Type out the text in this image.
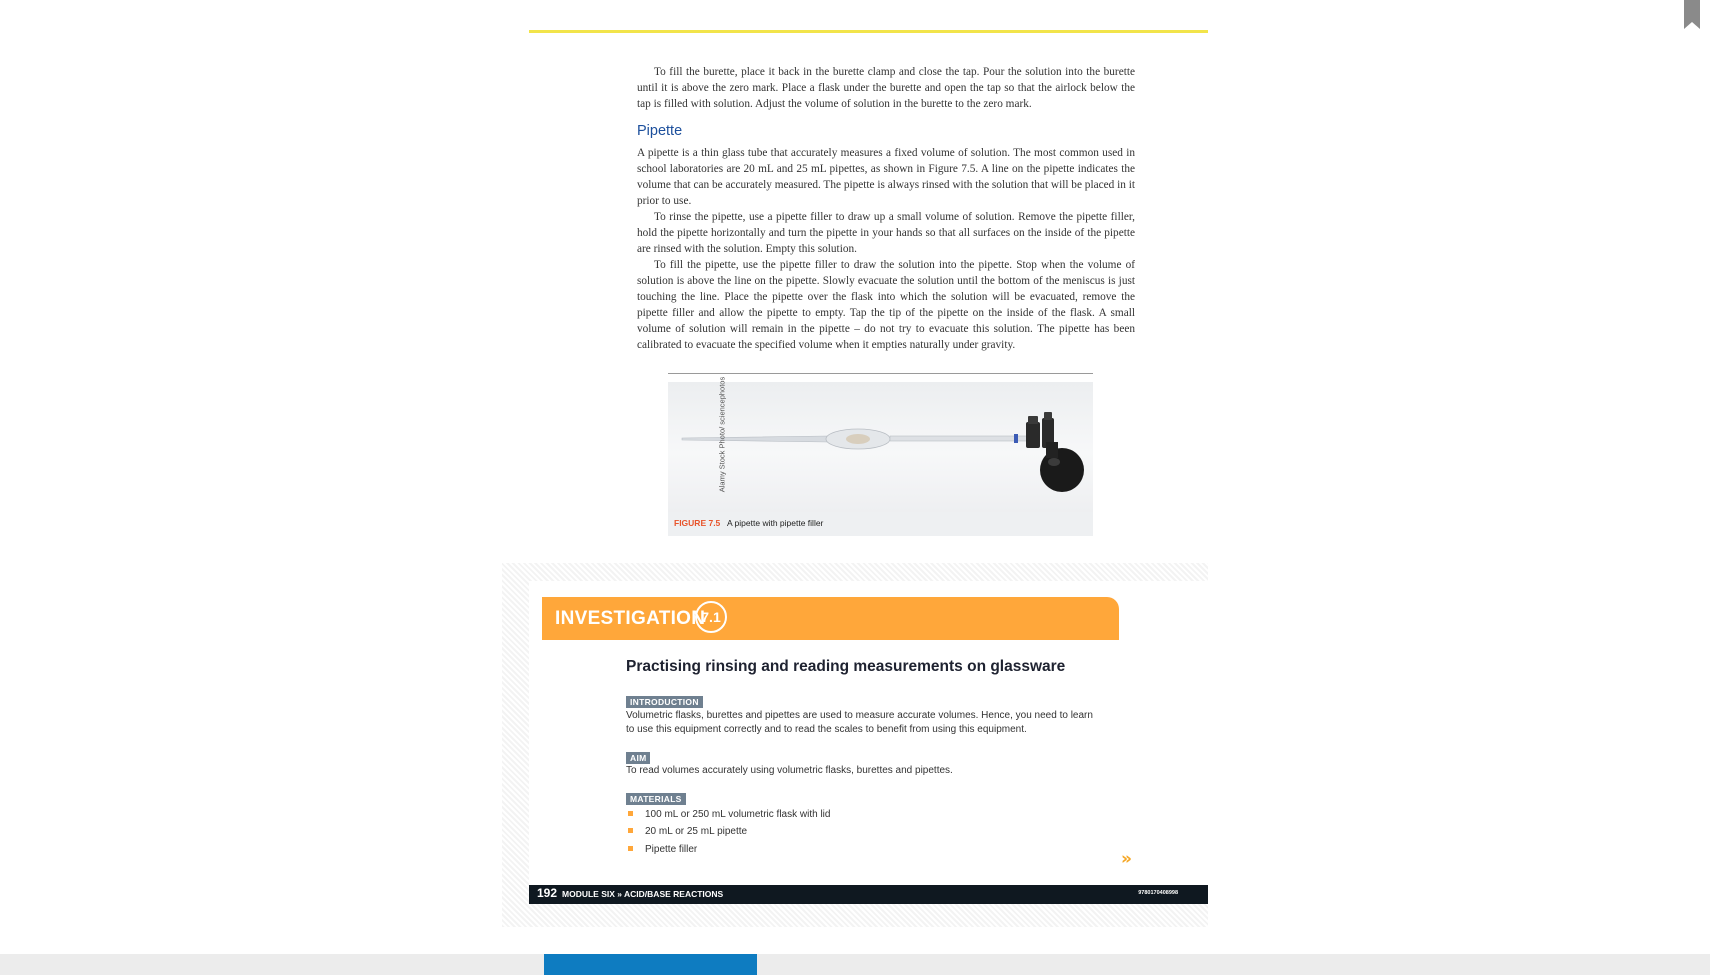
To fill the burette, place it back in the burette clamp and close the tap. Pour the solution into the burette until it is above the zero mark. Place a flask under the burette and open the tap so that the airlock below the tap is filled with solution. Adjust the volume of solution in the burette to the zero mark.

Pipette

A pipette is a thin glass tube that accurately measures a fixed volume of solution. The most common used in school laboratories are 20 mL and 25 mL pipettes, as shown in Figure 7.5. A line on the pipette indicates the volume that can be accurately measured. The pipette is always rinsed with the solution that will be placed in it prior to use.

To rinse the pipette, use a pipette filler to draw up a small volume of solution. Remove the pipette filler, hold the pipette horizontally and turn the pipette in your hands so that all surfaces on the inside of the pipette are rinsed with the solution. Empty this solution.

To fill the pipette, use the pipette filler to draw the solution into the pipette. Stop when the volume of solution is above the line on the pipette. Slowly evacuate the solution until the bottom of the meniscus is just touching the line. Place the pipette over the flask into which the solution will be evacuated, remove the pipette filler and allow the pipette to empty. Tap the tip of the pipette on the inside of the flask. A small volume of solution will remain in the pipette – do not try to evacuate this solution. The pipette has been calibrated to evacuate the specified volume when it empties naturally under gravity.

Alamy Stock Photo/ sciencephotos
FIGURE 7.5 A pipette with pipette filler
INVESTIGATION
7.1
Practising rinsing and reading measurements on glassware
INTRODUCTION
Volumetric flasks, burettes and pipettes are used to measure accurate volumes. Hence, you need to learn to use this equipment correctly and to read the scales to benefit from using this equipment.
AIM
To read volumes accurately using volumetric flasks, burettes and pipettes.
MATERIALS
100 mL or 250 mL volumetric flask with lid
20 mL or 25 mL pipette
Pipette filler	»
192 MODULE SIX » ACID/BASE REACTIONS	9780170408998
